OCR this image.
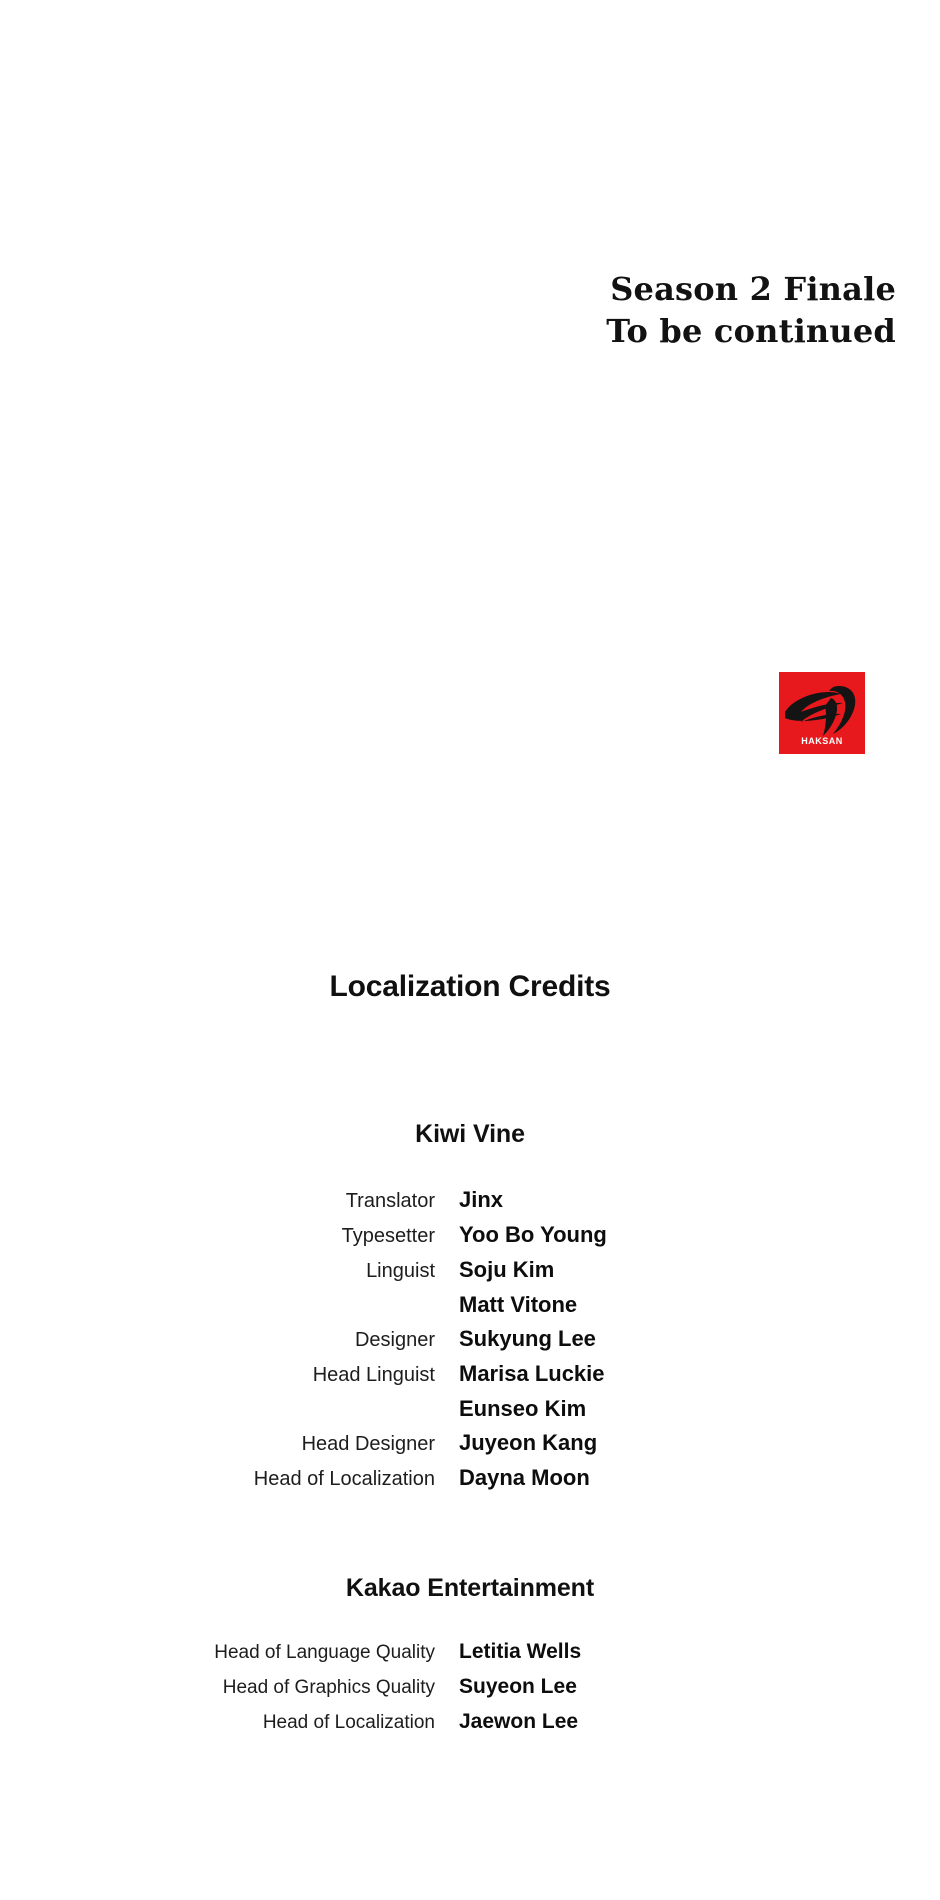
Season 2 Finale
To be continued
HAKSAN
Localization Credits
Kiwi Vine
Translator	Jinx
Typesetter	Yoo Bo Young
Linguist	Soju Kim
Matt Vitone
Designer	Sukyung Lee
Head Linguist	Marisa Luckie
Eunseo Kim
Head Designer	Juyeon Kang
Head of Localization	Dayna Moon
Kakao Entertainment
Head of Language Quality	Letitia Wells
Head of Graphics Quality	Suyeon Lee
Head of Localization	Jaewon Lee
